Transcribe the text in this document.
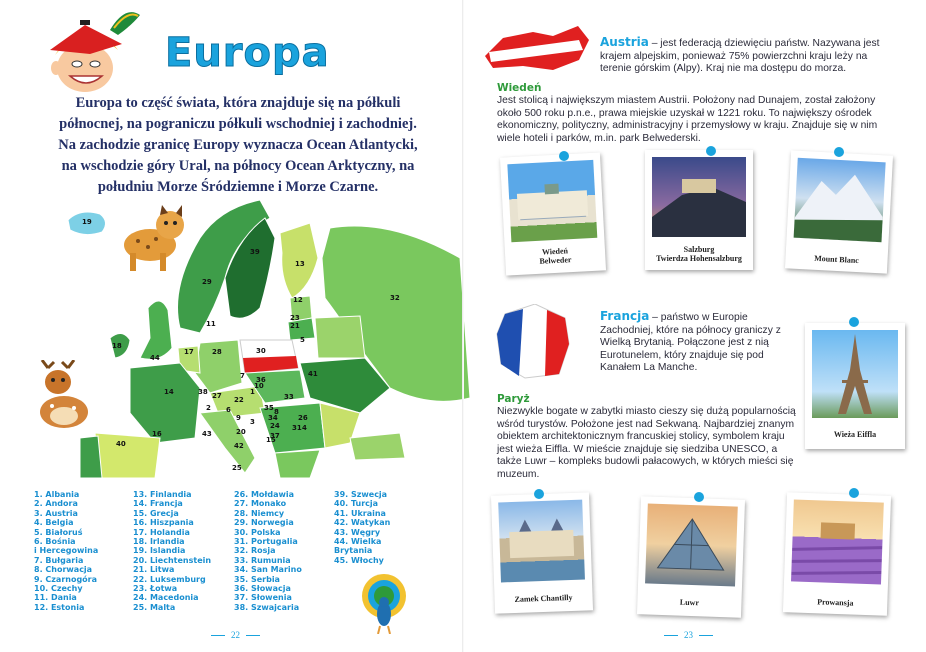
Europa
Europa to część świata, która znajduje się na półkuli północnej, na pograniczu półkuli wschodniej i zachodniej. Na zachodzie granicę Europy wyznacza Ocean Atlantycki, na wschodzie góry Ural, na północy Ocean Arktyczny, na południu Morze Śródziemne i Morze Czarne.
19
39
13
29
32
12
23
21
11
18
44
17	28	30
5
14
36
38
7
27	1
6
22	33
41
35
34
24
2
16
4
43
40
31
9 3
42
25
26
37
10
8
15
20
1. Albania
2. Andora
3. Austria
4. Belgia
5. Białoruś
6. Bośnia
i Hercegowina
7. Bułgaria
8. Chorwacja
9. Czarnogóra
10. Czechy
11. Dania
12. Estonia
13. Finlandia
14. Francja
15. Grecja
16. Hiszpania
17. Holandia
18. Irlandia
19. Islandia
20. Liechtenstein
21. Litwa
22. Luksemburg
23. Łotwa
24. Macedonia
25. Malta
26. Mołdawia
27. Monako
28. Niemcy
29. Norwegia
30. Polska
31. Portugalia
32. Rosja
33. Rumunia
34. San Marino
35. Serbia
36. Słowacja
37. Słowenia
38. Szwajcaria
39. Szwecja
40. Turcja
41. Ukraina
42. Watykan
43. Węgry
44. Wielka
Brytania
45. Włochy
22
Austria – jest federacją dziewięciu państw. Nazywana jest krajem alpejskim, ponieważ 75% powierzchni kraju leży na terenie górskim (Alpy). Kraj nie ma dostępu do morza.
Wiedeń
Jest stolicą i największym miastem Austrii. Położony nad Dunajem, został założony około 500 roku p.n.e., prawa miejskie uzyskał w 1221 roku. To największy ośrodek ekonomiczny, polityczny, administracyjny i przemysłowy w kraju. Znajduje się w nim wiele hoteli i parków, m.in. park Belwederski.
Wiedeń
Belweder
Salzburg
Twierdza Hohensalzburg	Mount Blanc
Francja – państwo w Europie Zachodniej, które na północy graniczy z Wielką Brytanią. Połączone jest z nią Eurotunelem, który znajduje się pod Kanałem La Manche.
Wieża Eiffla
Paryż
Niezwykle bogate w zabytki miasto cieszy się dużą popularnością wśród turystów. Położone jest nad Sekwaną. Najbardziej znanym obiektem architektonicznym francuskiej stolicy, symbolem kraju jest wieża Eiffla. W mieście znajduje się siedziba UNESCO, a także Luwr – kompleks budowli pałacowych, w których mieści się muzeum.
Zamek Chantilly	Luwr	Prowansja
23
